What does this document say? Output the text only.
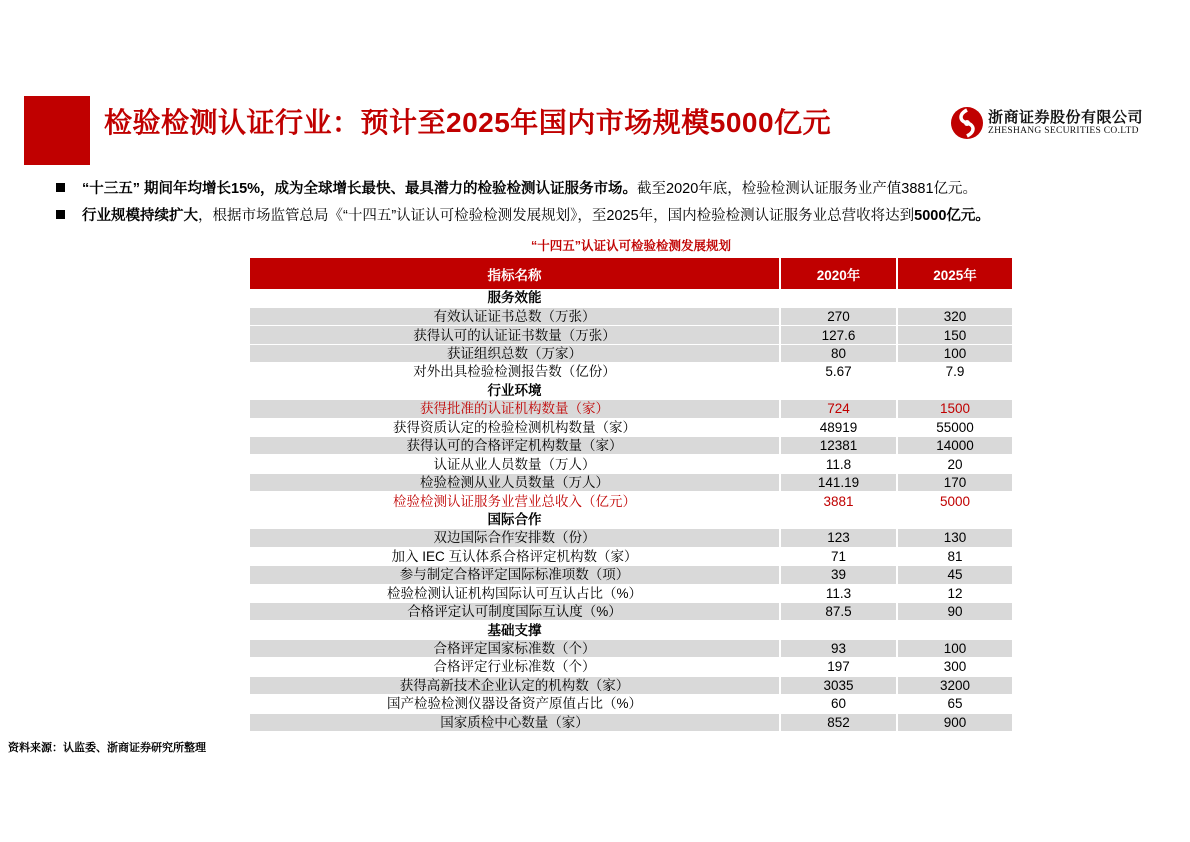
检验检测认证行业：预计至2025年国内市场规模5000亿元	浙商证券股份有限公司
ZHESHANG SECURITIES CO.LTD
“十三五” 期间年均增长15%，成为全球增长最快、最具潜力的检验检测认证服务市场。截至2020年底，检验检测认证服务业产值3881亿元。
行业规模持续扩大，根据市场监管总局《“十四五”认证认可检验检测发展规划》，至2025年，国内检验检测认证服务业总营收将达到5000亿元。
“十四五”认证认可检验检测发展规划
指标名称	2020年	2025年
服务效能		
有效认证证书总数（万张）	270	320
获得认可的认证证书数量（万张）	127.6	150
获证组织总数（万家）	80	100
对外出具检验检测报告数（亿份）	5.67	7.9
行业环境		
获得批准的认证机构数量（家）	724	1500
获得资质认定的检验检测机构数量（家）	48919	55000
获得认可的合格评定机构数量（家）	12381	14000
认证从业人员数量（万人）	11.8	20
检验检测从业人员数量（万人）	141.19	170
检验检测认证服务业营业总收入（亿元）	3881	5000
国际合作		
双边国际合作安排数（份）	123	130
加入 IEC 互认体系合格评定机构数（家）	71	81
参与制定合格评定国际标准项数（项）	39	45
检验检测认证机构国际认可互认占比（%）	11.3	12
合格评定认可制度国际互认度（%）	87.5	90
基础支撑		
合格评定国家标准数（个）	93	100
合格评定行业标准数（个）	197	300
获得高新技术企业认定的机构数（家）	3035	3200
国产检验检测仪器设备资产原值占比（%）	60	65
国家质检中心数量（家）	852	900
资料来源：认监委、浙商证券研究所整理
